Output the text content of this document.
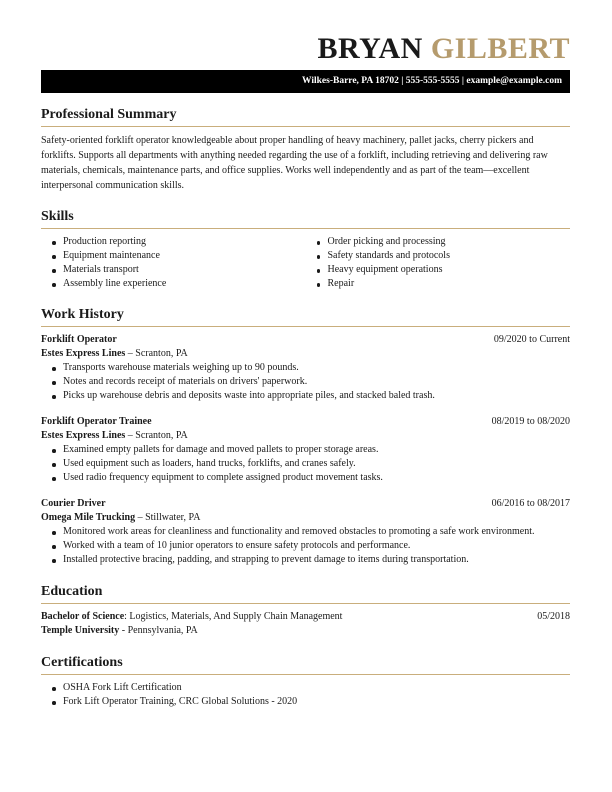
BRYAN GILBERT
Wilkes-Barre, PA 18702 | 555-555-5555 | example@example.com
Professional Summary

Safety-oriented forklift operator knowledgeable about proper handling of heavy machinery, pallet jacks, cherry pickers and forklifts. Supports all departments with anything needed regarding the use of a forklift, including retrieving and delivering raw materials, chemicals, maintenance parts, and office supplies. Works well independently and as part of the team—excellent interpersonal communication skills.

Skills
Production reporting
Equipment maintenance
Materials transport
Assembly line experience
Order picking and processing
Safety standards and protocols
Heavy equipment operations
Repair
Work History
Forklift Operator	09/2020 to Current
Estes Express Lines – Scranton, PA
Transports warehouse materials weighing up to 90 pounds.
Notes and records receipt of materials on drivers' paperwork.
Picks up warehouse debris and deposits waste into appropriate piles, and stacked baled trash.
Forklift Operator Trainee	08/2019 to 08/2020
Estes Express Lines – Scranton, PA
Examined empty pallets for damage and moved pallets to proper storage areas.
Used equipment such as loaders, hand trucks, forklifts, and cranes safely.
Used radio frequency equipment to complete assigned product movement tasks.
Courier Driver	06/2016 to 08/2017
Omega Mile Trucking – Stillwater, PA
Monitored work areas for cleanliness and functionality and removed obstacles to promoting a safe work environment.
Worked with a team of 10 junior operators to ensure safety protocols and performance.
Installed protective bracing, padding, and strapping to prevent damage to items during transportation.
Education
Bachelor of Science: Logistics, Materials, And Supply Chain Management	05/2018
Temple University - Pennsylvania, PA
Certifications
OSHA Fork Lift Certification
Fork Lift Operator Training, CRC Global Solutions - 2020
